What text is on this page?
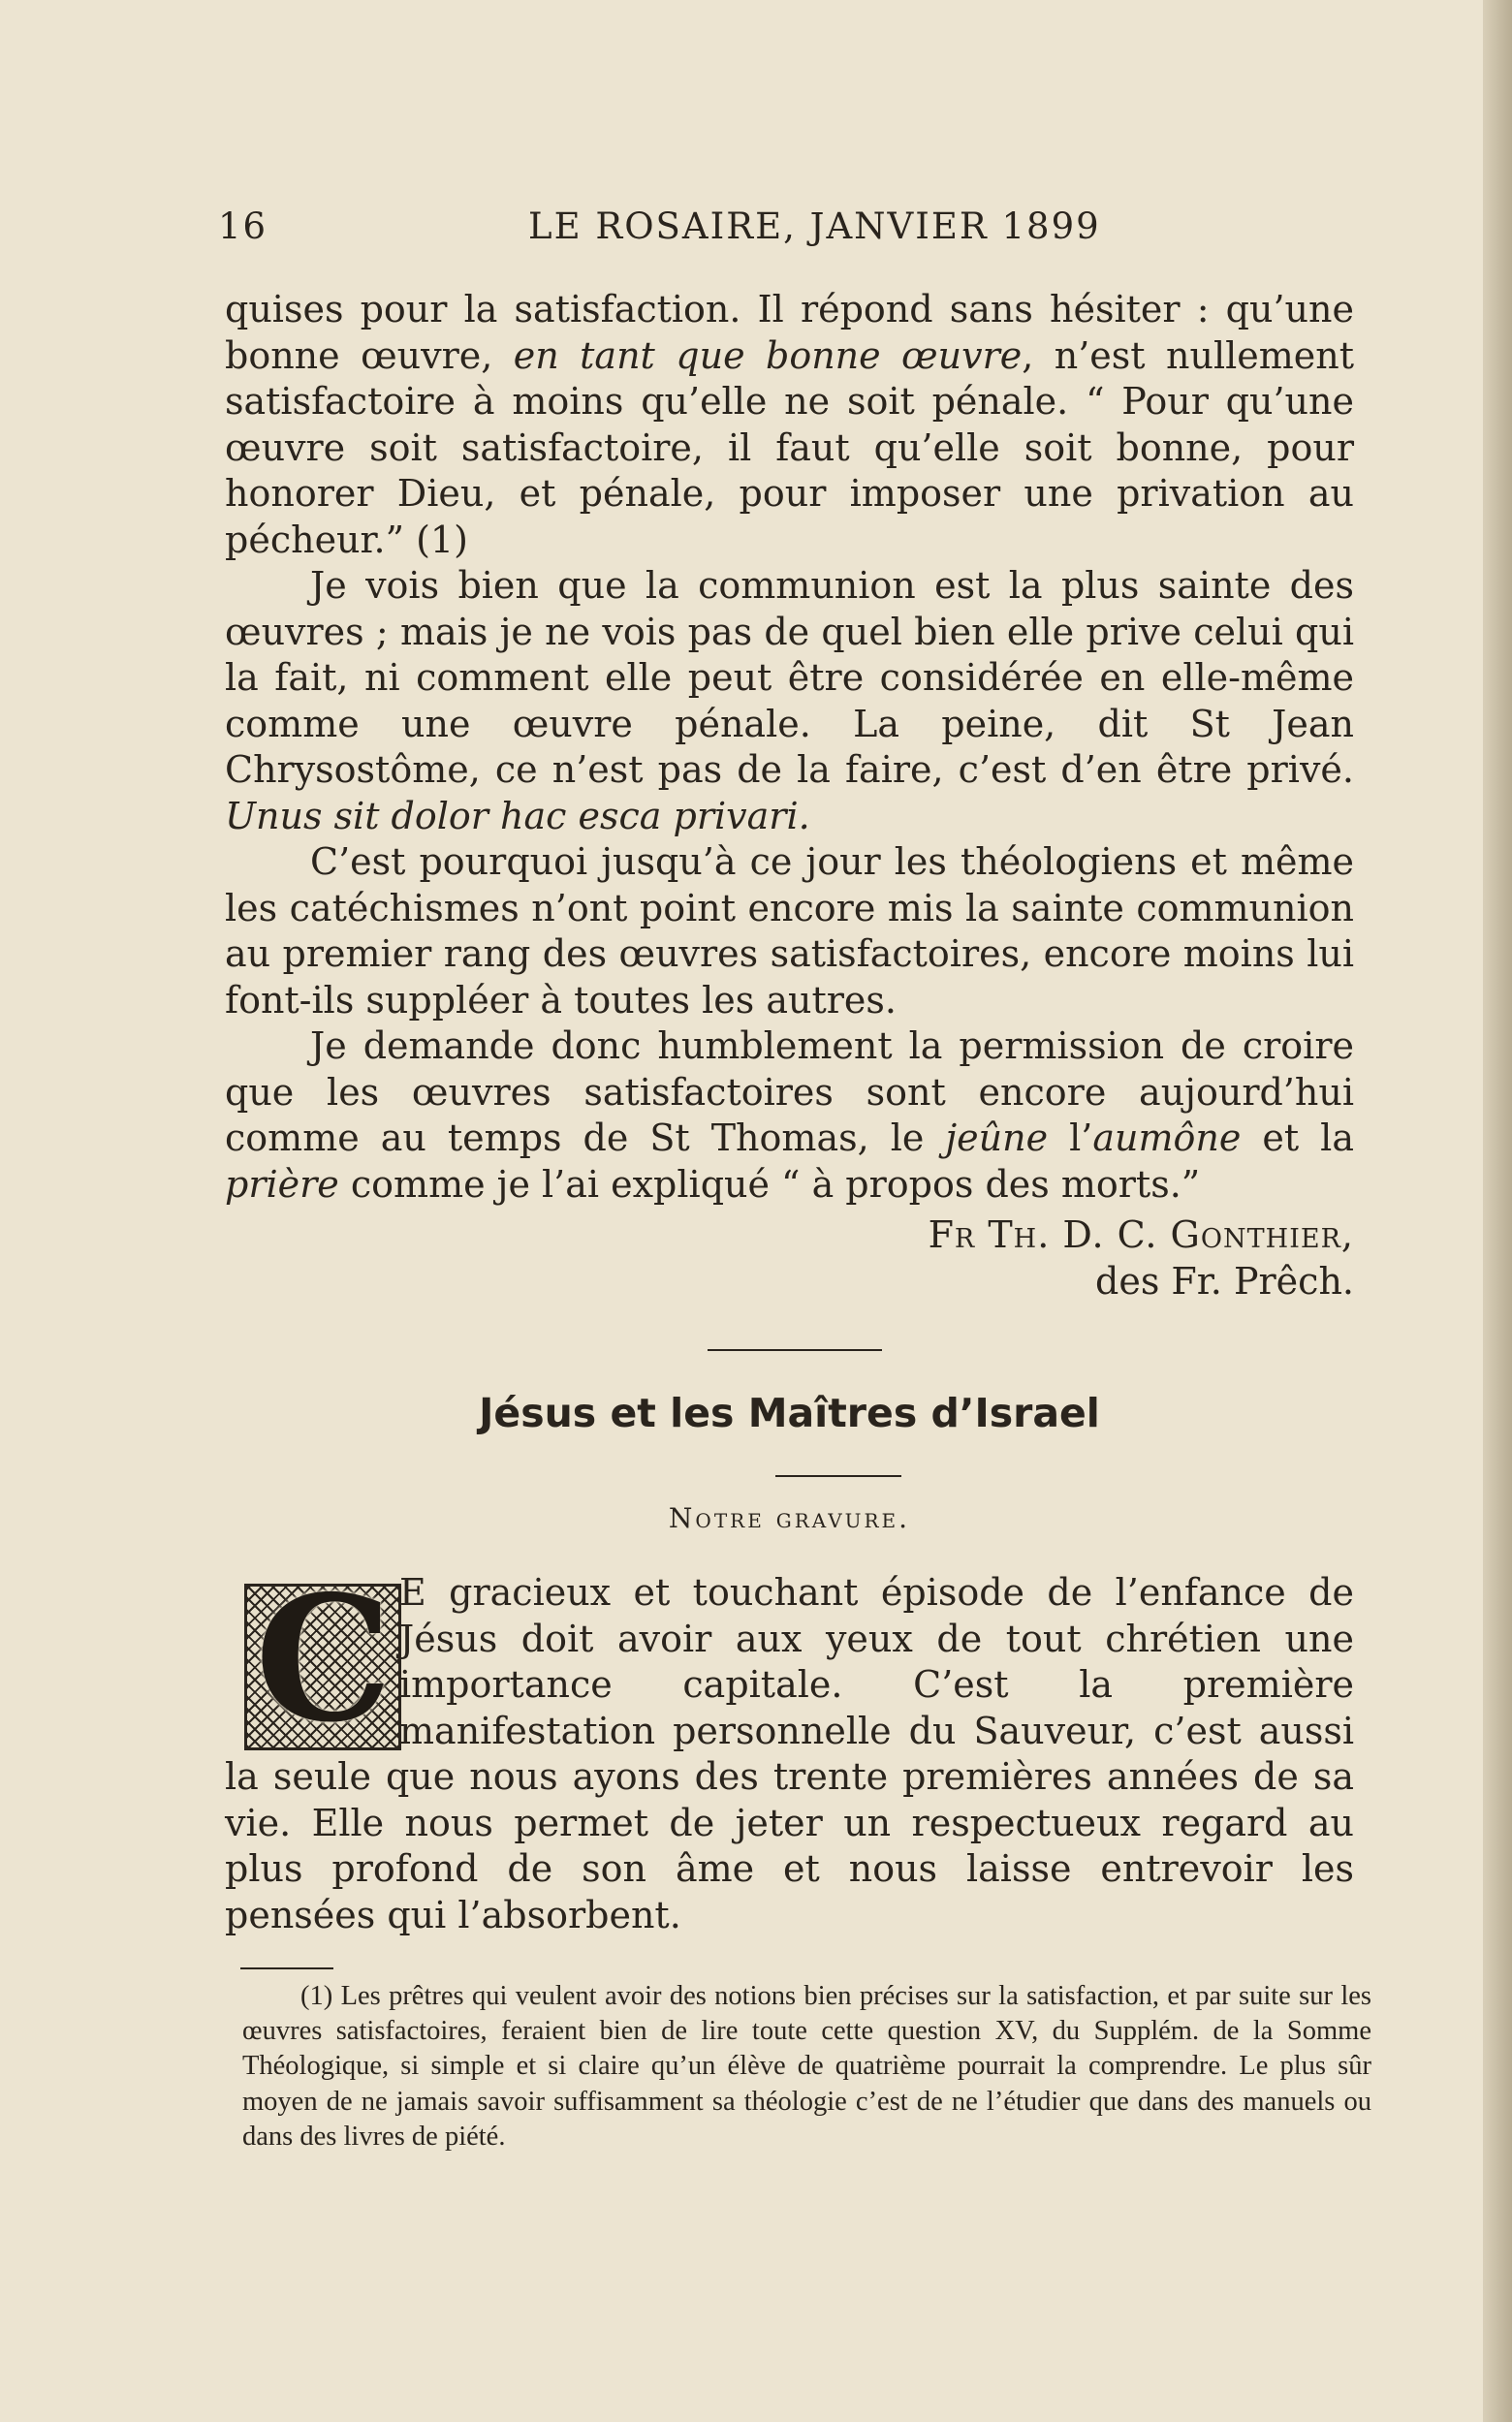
16	LE ROSAIRE, JANVIER 1899

quises pour la satisfaction. Il répond sans hésiter : qu’une bonne œuvre, en tant que bonne œuvre, n’est nullement satisfactoire à moins qu’elle ne soit pénale. “ Pour qu’une œuvre soit satisfactoire, il faut qu’elle soit bonne, pour honorer Dieu, et pénale, pour imposer une privation au pécheur.” (1)

Je vois bien que la communion est la plus sainte des œuvres ; mais je ne vois pas de quel bien elle prive celui qui la fait, ni comment elle peut être considérée en elle-même comme une œuvre pénale. La peine, dit St Jean Chrysostôme, ce n’est pas de la faire, c’est d’en être privé. Unus sit dolor hac esca privari.

C’est pourquoi jusqu’à ce jour les théologiens et même les catéchismes n’ont point encore mis la sainte communion au premier rang des œuvres satisfactoires, encore moins lui font-ils suppléer à toutes les autres.

Je demande donc humblement la permission de croire que les œuvres satisfactoires sont encore aujourd’hui comme au temps de St Thomas, le jeûne l’aumône et la prière comme je l’ai expliqué “ à propos des morts.”

Fr Th. D. C. Gonthier,
des Fr. Prêch.
Jésus et les Maîtres d’Israel
Notre gravure.
C E gracieux et touchant épisode de l’enfance de Jésus doit avoir aux yeux de tout chrétien une importance capitale. C’est la première manifestation personnelle du Sauveur, c’est aussi la seule que nous ayons des trente premières années de sa vie. Elle nous permet de jeter un respectueux regard au plus profond de son âme et nous laisse entrevoir les pensées qui l’absorbent.

(1) Les prêtres qui veulent avoir des notions bien précises sur la satisfaction, et par suite sur les œuvres satisfactoires, feraient bien de lire toute cette question XV, du Supplém. de la Somme Théologique, si simple et si claire qu’un élève de quatrième pourrait la comprendre. Le plus sûr moyen de ne jamais savoir suffisamment sa théologie c’est de ne l’étudier que dans des manuels ou dans des livres de piété.
